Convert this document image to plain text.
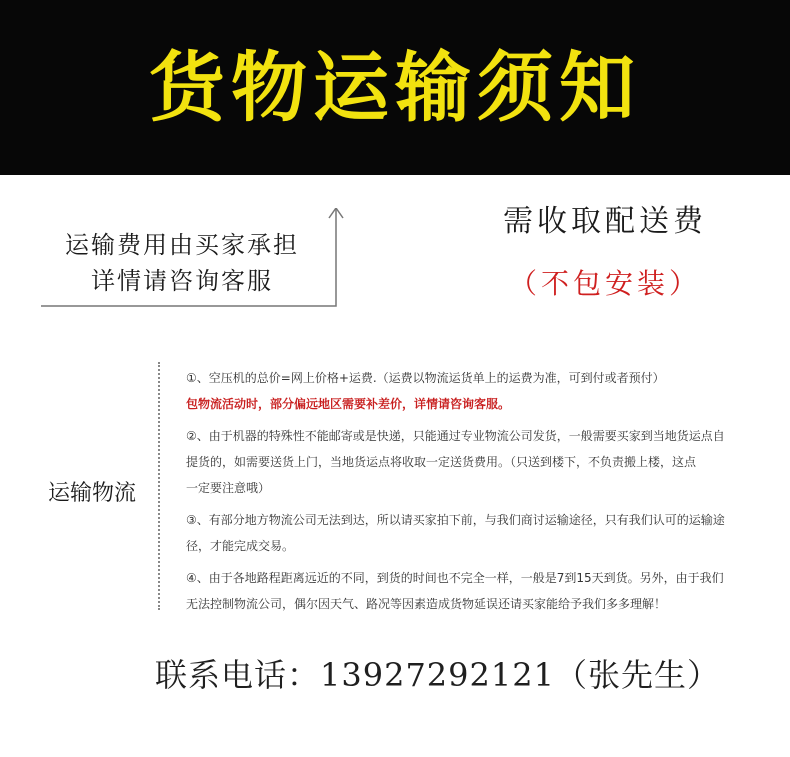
货物运输须知
运输费用由买家承担
详情请咨询客服
需收取配送费
（不包安装）
运输物流

①、空压机的总价=网上价格+运费.（运费以物流运货单上的运费为准，可到付或者预付）

包物流活动时，部分偏远地区需要补差价，详情请咨询客服。

②、由于机器的特殊性不能邮寄或是快递，只能通过专业物流公司发货，一般需要买家到当地货运点自

提货的，如需要送货上门，当地货运点将收取一定送货费用。（只送到楼下，不负责搬上楼，这点

一定要注意哦）

③、有部分地方物流公司无法到达，所以请买家拍下前，与我们商讨运输途径，只有我们认可的运输途

径，才能完成交易。

④、由于各地路程距离远近的不同，到货的时间也不完全一样，一般是7到15天到货。另外，由于我们

无法控制物流公司，偶尔因天气、路况等因素造成货物延误还请买家能给予我们多多理解！

联系电话：13927292121（张先生）
